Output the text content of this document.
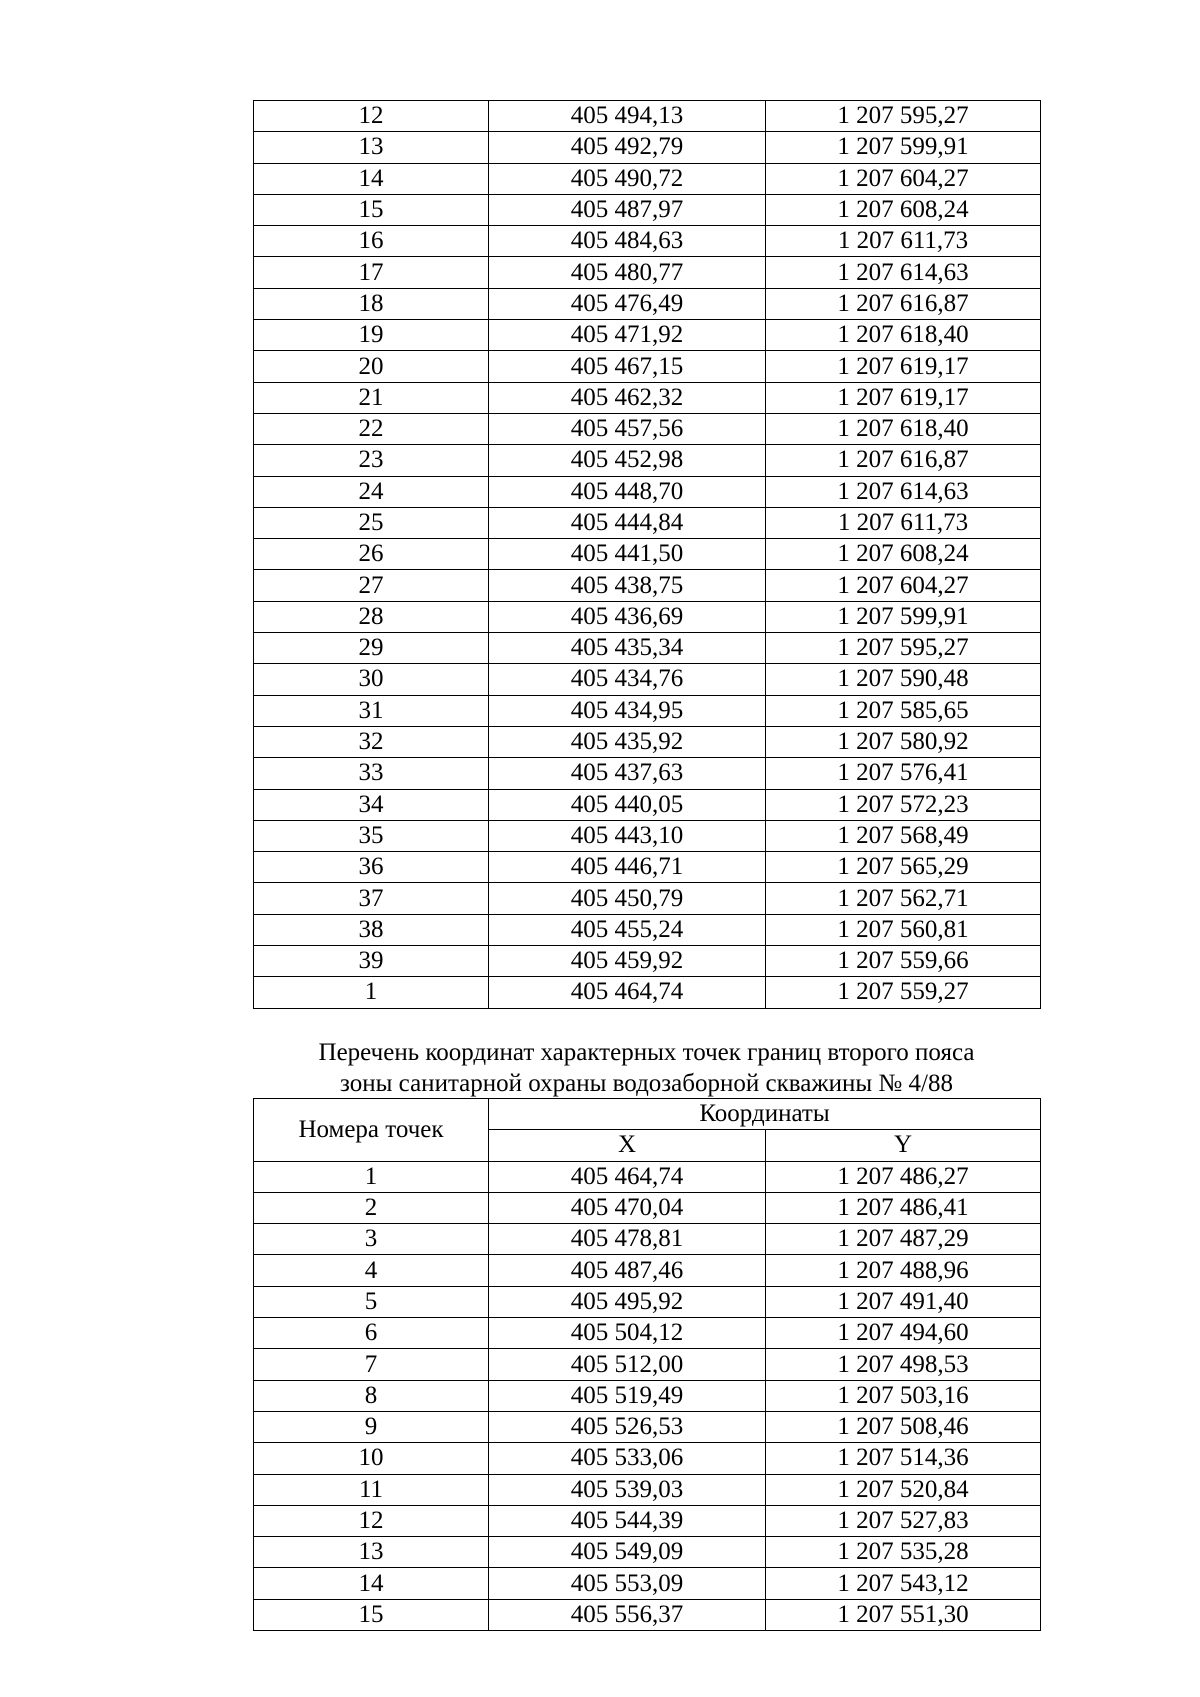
12	405 494,13	1 207 595,27
13	405 492,79	1 207 599,91
14	405 490,72	1 207 604,27
15	405 487,97	1 207 608,24
16	405 484,63	1 207 611,73
17	405 480,77	1 207 614,63
18	405 476,49	1 207 616,87
19	405 471,92	1 207 618,40
20	405 467,15	1 207 619,17
21	405 462,32	1 207 619,17
22	405 457,56	1 207 618,40
23	405 452,98	1 207 616,87
24	405 448,70	1 207 614,63
25	405 444,84	1 207 611,73
26	405 441,50	1 207 608,24
27	405 438,75	1 207 604,27
28	405 436,69	1 207 599,91
29	405 435,34	1 207 595,27
30	405 434,76	1 207 590,48
31	405 434,95	1 207 585,65
32	405 435,92	1 207 580,92
33	405 437,63	1 207 576,41
34	405 440,05	1 207 572,23
35	405 443,10	1 207 568,49
36	405 446,71	1 207 565,29
37	405 450,79	1 207 562,71
38	405 455,24	1 207 560,81
39	405 459,92	1 207 559,66
1	405 464,74	1 207 559,27
Перечень координат характерных точек границ второго пояса
зоны санитарной охраны водозаборной скважины № 4/88
Номера точек	Координаты	
	X	Y
1	405 464,74	1 207 486,27
2	405 470,04	1 207 486,41
3	405 478,81	1 207 487,29
4	405 487,46	1 207 488,96
5	405 495,92	1 207 491,40
6	405 504,12	1 207 494,60
7	405 512,00	1 207 498,53
8	405 519,49	1 207 503,16
9	405 526,53	1 207 508,46
10	405 533,06	1 207 514,36
11	405 539,03	1 207 520,84
12	405 544,39	1 207 527,83
13	405 549,09	1 207 535,28
14	405 553,09	1 207 543,12
15	405 556,37	1 207 551,30
